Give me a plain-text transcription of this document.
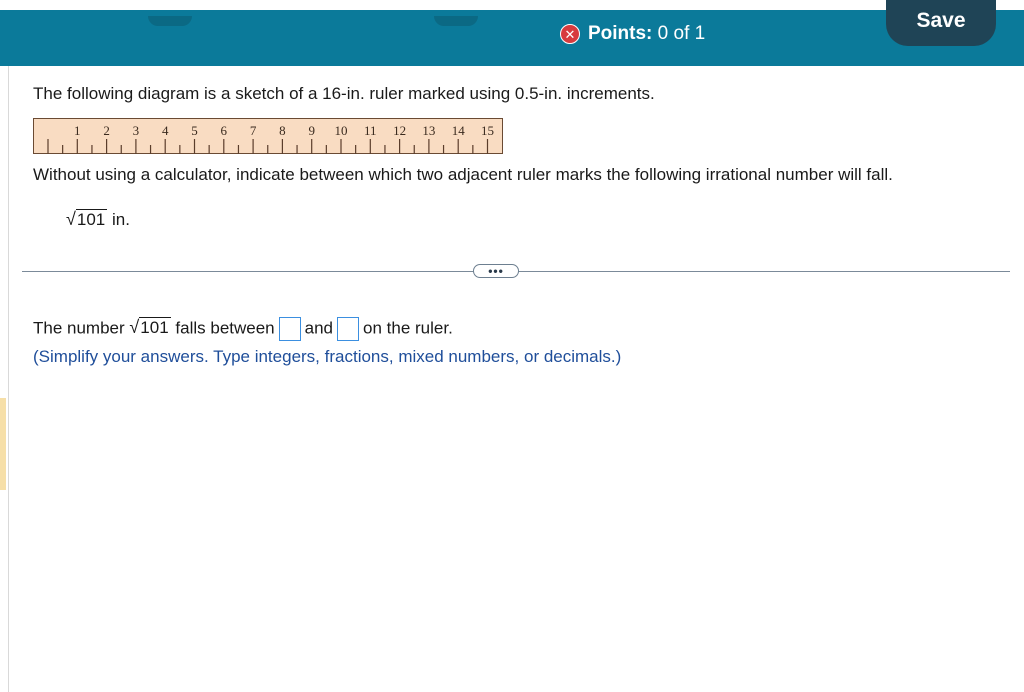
✕ Points: 0 of 1
Save
The following diagram is a sketch of a 16-in. ruler marked using 0.5-in. increments.
1 2 3 4 5 6 7 8 9 10 11 12 13 14 15
Without using a calculator, indicate between which two adjacent ruler marks the following irrational number will fall.
√ 101 in.
•••
The number √ 101 falls between and on the ruler.
(Simplify your answers. Type integers, fractions, mixed numbers, or decimals.)
